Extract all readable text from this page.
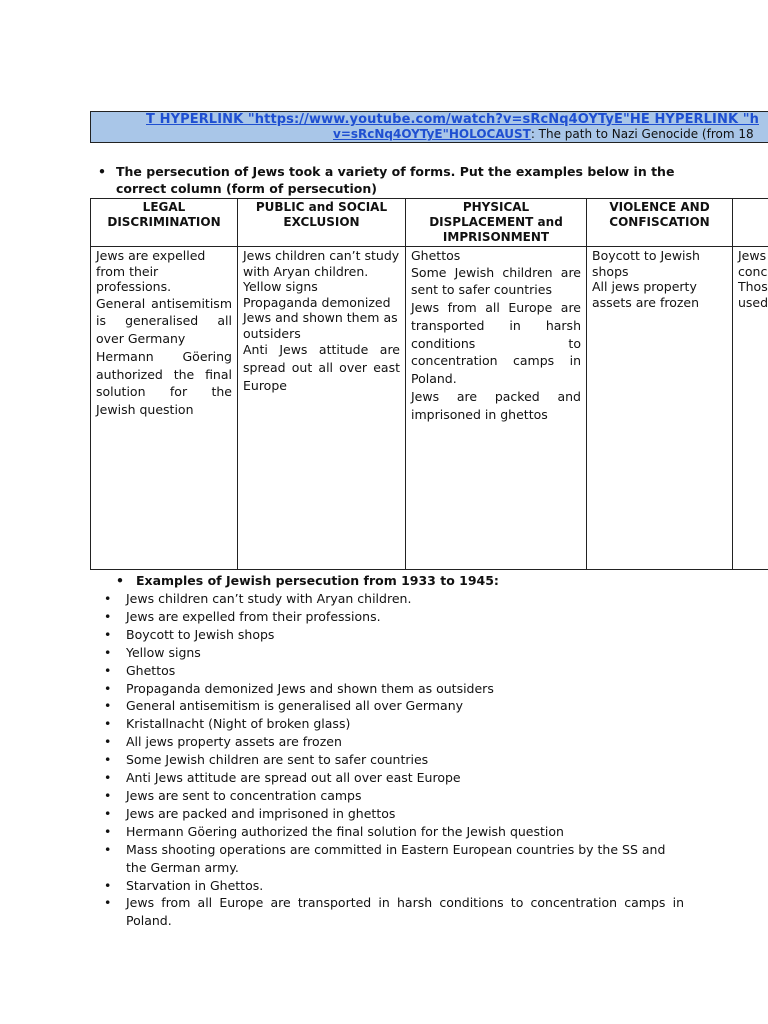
T HYPERLINK "https://www.youtube.com/watch?v=sRcNq4OYTyE"HE HYPERLINK "h
v=sRcNq4OYTyE"HOLOCAUST: The path to Nazi Genocide (from 18
• The persecution of Jews took a variety of forms. Put the examples below in the correct column (form of persecution)
LEGAL DISCRIMINATION	PUBLIC and SOCIAL EXCLUSION	PHYSICAL DISPLACEMENT and IMPRISONMENT	VIOLENCE AND CONFISCATION	

Jews are expelled from their professions.
General antisemitism is generalised all over Germany
Hermann Göering authorized the final solution for the Jewish question	Jews children can’t study with Aryan children.
Yellow signs
Propaganda demonized Jews and shown them as outsiders
Anti Jews attitude are spread out all over east Europe	Ghettos
Some Jewish children are sent to safer countries
Jews from all Europe are transported in harsh conditions to concentration camps in Poland.
Jews are packed and imprisoned in ghettos	Boycott to Jewish shops
All jews property assets are frozen	Jews
conc
Thos
used
• Examples of Jewish persecution from 1933 to 1945:
• Jews children can’t study with Aryan children.
• Jews are expelled from their professions.
• Boycott to Jewish shops
• Yellow signs
• Ghettos
• Propaganda demonized Jews and shown them as outsiders
• General antisemitism is generalised all over Germany
• Kristallnacht (Night of broken glass)
• All jews property assets are frozen
• Some Jewish children are sent to safer countries
• Anti Jews attitude are spread out all over east Europe
• Jews are sent to concentration camps
• Jews are packed and imprisoned in ghettos
• Hermann Göering authorized the final solution for the Jewish question
• Mass shooting operations are committed in Eastern European countries by the SS and the German army.
• Starvation in Ghettos.
• Jews from all Europe are transported in harsh conditions to concentration camps in Poland.
